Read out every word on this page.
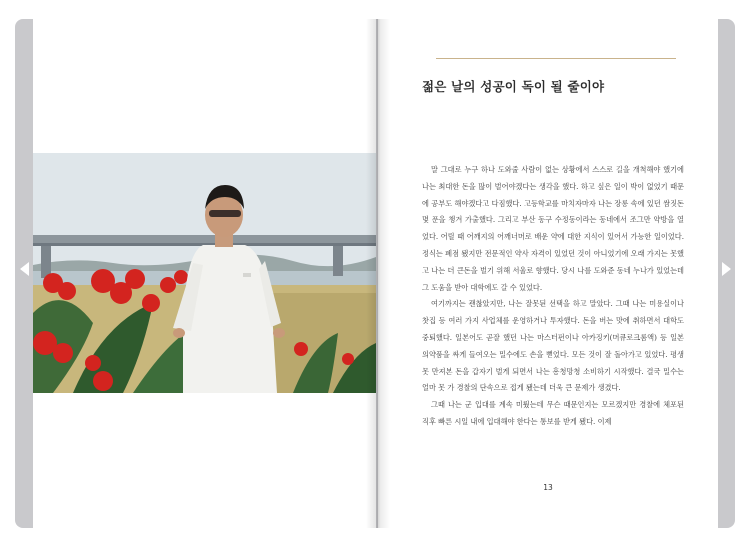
젊은 날의 성공이 독이 될 줄이야

말 그대로 누구 하나 도와줄 사람이 없는 상황에서 스스로 길을 개척해야 했기에 나는 최대한 돈을 많이 벌어야겠다는 생각을 했다. 하고 싶은 일이 박이 없었기 때문에 공부도 해야겠다고 다짐했다. 고등학교를 마치자마자 나는 장롱 속에 있던 쌈짓돈 몇 푼을 챙겨 가출했다. 그리고 부산 동구 수정동이라는 동네에서 조그만 약방을 열었다. 어릴 때 어깨지의 어깨너머로 배운 약에 대한 지식이 있어서 가능한 일이었다. 정식는 폐점 됐지만 전문적인 약사 자격이 있었던 것이 아니었기에 오래 가지는 못했고 나는 더 큰돈을 벌기 위해 서울로 향했다. 당시 나를 도와준 동네 누나가 있었는데 그 도움을 받아 대학에도 갈 수 있었다.

여기까지는 괜찮았지만, 나는 잘못된 선택을 하고 말았다. 그때 나는 미용실이나 찻집 등 여러 가지 사업체를 운영하거나 투자했다. 돈을 버는 맛에 취하면서 대학도 중퇴했다. 일본어도 곧잘 했던 나는 마스터펀이나 아카징키(머큐로크롬액) 등 일본 의약품을 싸게 들여오는 밀수에도 손을 뻗었다. 모든 것이 잘 돌아가고 있었다. 평생 못 만져본 돈을 갑자기 벌게 되면서 나는 흥청망청 소비하기 시작했다. 결국 밀수는 얼마 못 가 경찰의 단속으로 접게 됐는데 더욱 큰 문제가 생겼다.

그때 나는 군 입대를 계속 미뤘는데 무슨 때문인지는 모르겠지만 경찰에 체포된 직후 빠른 시일 내에 입대해야 한다는 통보를 받게 됐다. 이제

13
